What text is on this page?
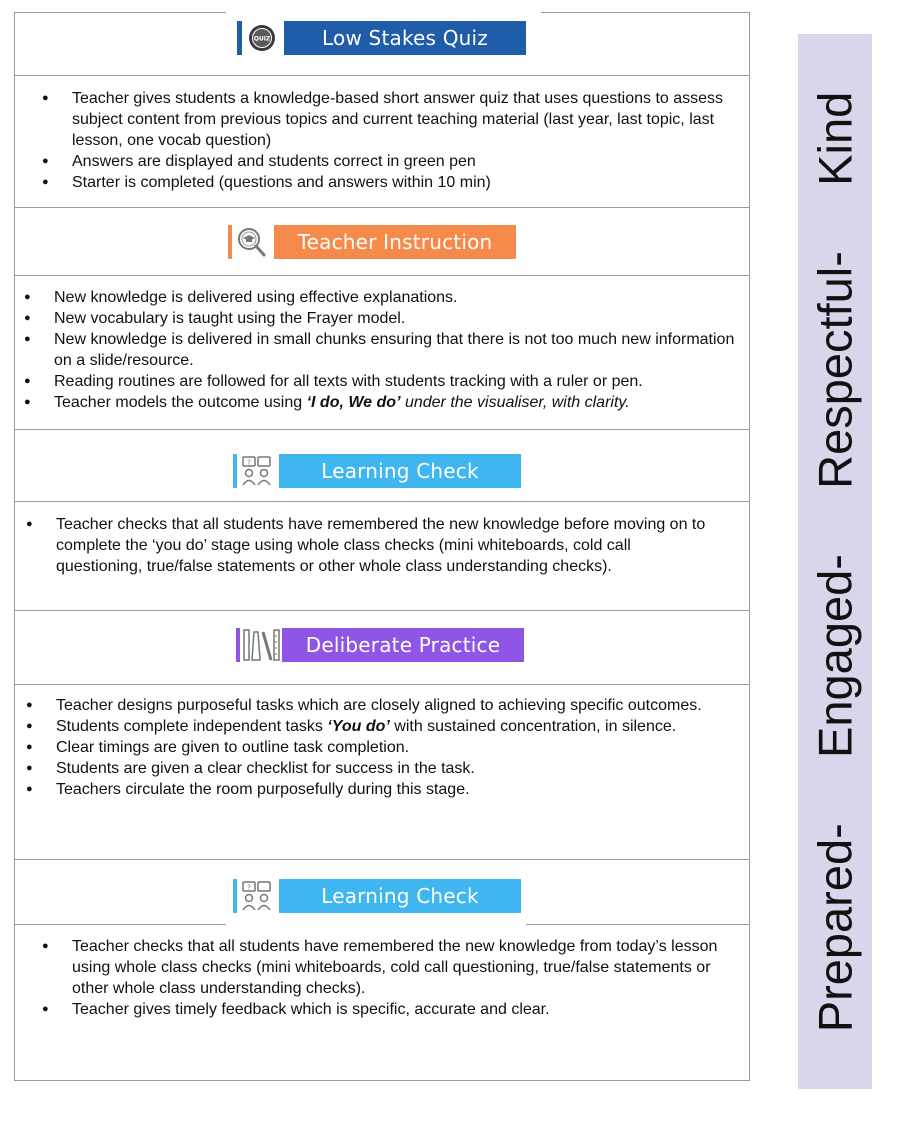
QUIZ	Low Stakes Quiz
● Teacher gives students a knowledge-based short answer quiz that uses questions to assess subject content from previous topics and current teaching material (last year, last topic, last lesson, one vocab question)
● Answers are displayed and students correct in green pen
● Starter is completed (questions and answers within 10 min)
Teacher Instruction
● New knowledge is delivered using effective explanations.
● New vocabulary is taught using the Frayer model.
● New knowledge is delivered in small chunks ensuring that there is not too much new information on a slide/resource.
● Reading routines are followed for all texts with students tracking with a ruler or pen.
● Teacher models the outcome using ‘I do, We do’ under the visualiser, with clarity.
?	Learning Check
● Teacher checks that all students have remembered the new knowledge before moving on to complete the ‘you do’ stage using whole class checks (mini whiteboards, cold call questioning, true/false statements or other whole class understanding checks).
Deliberate Practice
● Teacher designs purposeful tasks which are closely aligned to achieving specific outcomes.
● Students complete independent tasks ‘You do’ with sustained concentration, in silence.
● Clear timings are given to outline task completion.
● Students are given a clear checklist for success in the task.
● Teachers circulate the room purposefully during this stage.
?	Learning Check
● Teacher checks that all students have remembered the new knowledge from today’s lesson using whole class checks (mini whiteboards, cold call questioning, true/false statements or other whole class understanding checks).
● Teacher gives timely feedback which is specific, accurate and clear.	Prepared-     Engaged-     Respectful-     Kind
